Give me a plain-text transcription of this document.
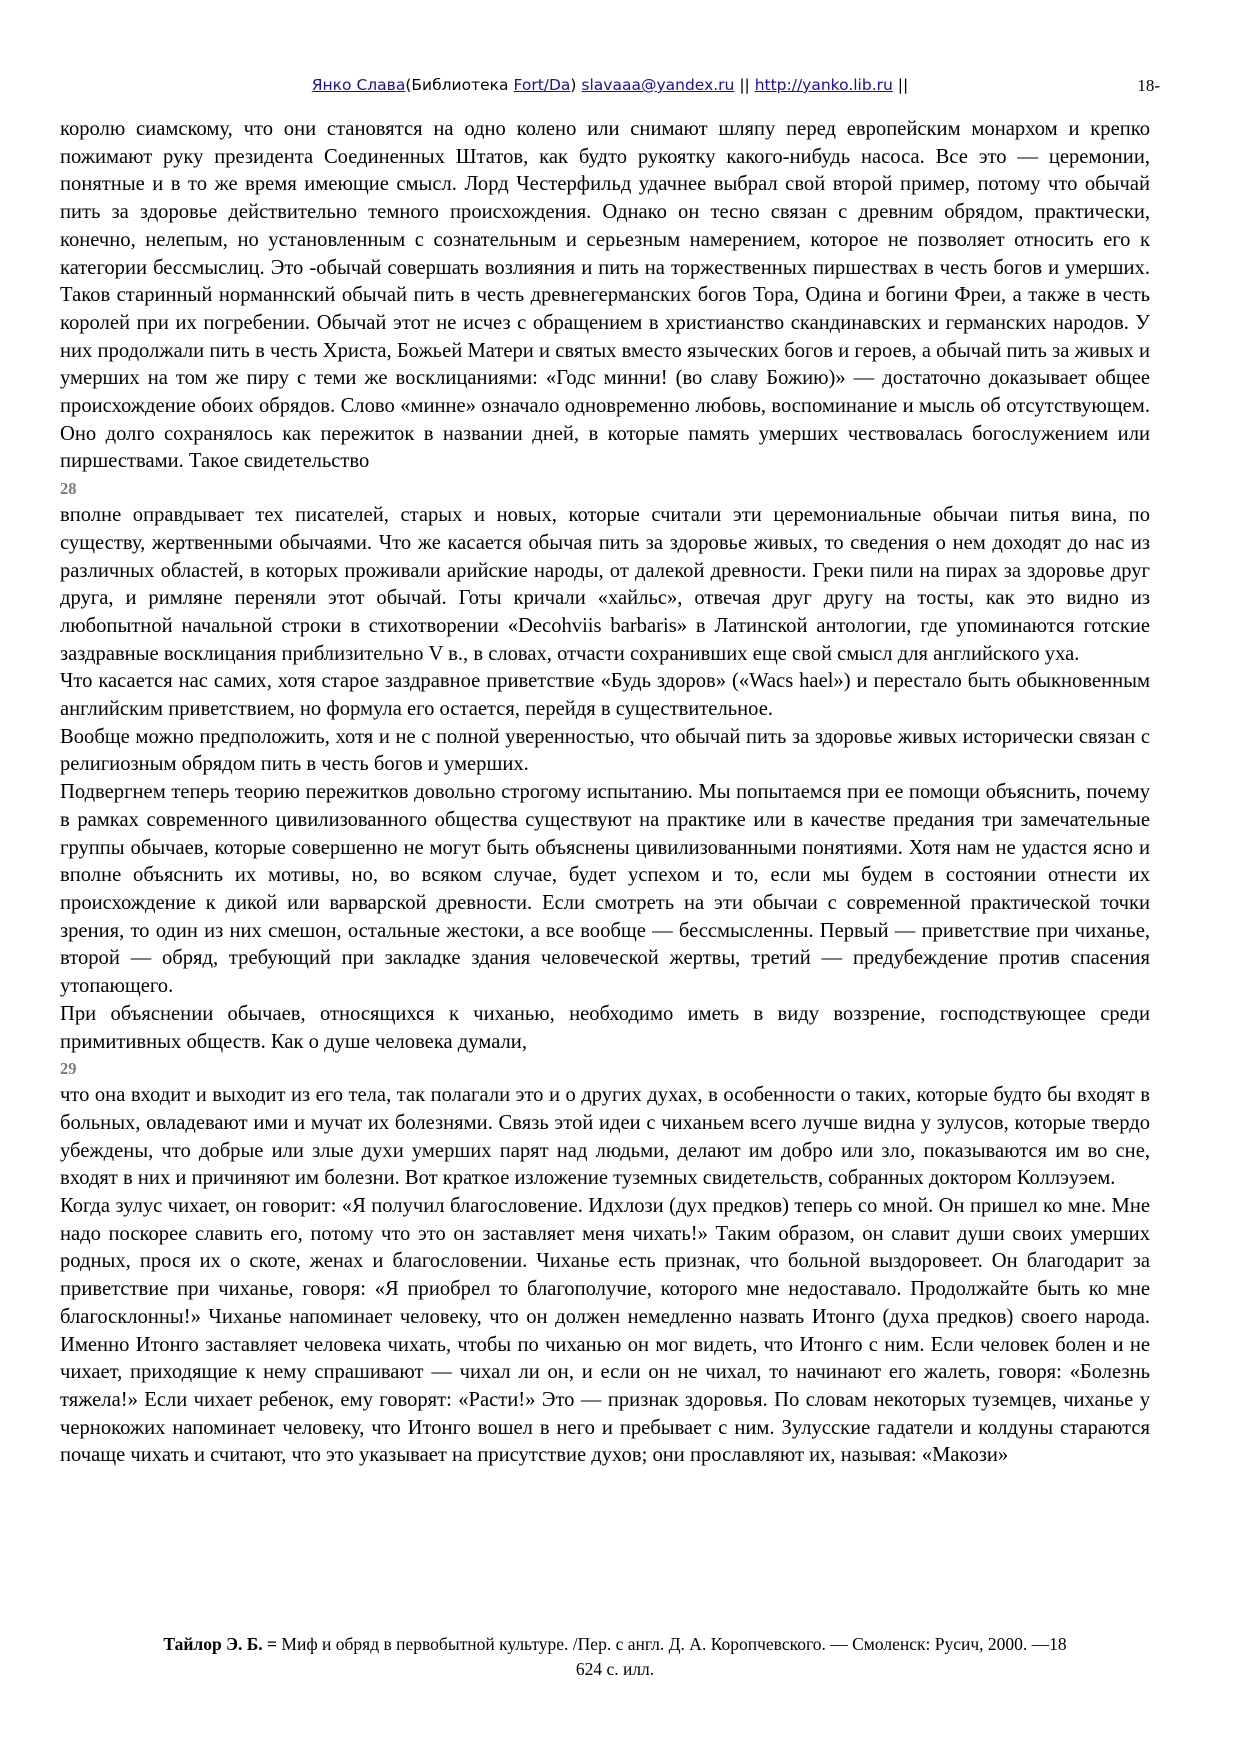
Янко Слава(Библиотека Fort/Da) slavaaa@yandex.ru || http://yanko.lib.ru ||	18-

королю сиамскому, что они становятся на одно колено или снимают шляпу перед европейским монархом и крепко пожимают руку президента Соединенных Штатов, как будто рукоятку какого-нибудь насоса. Все это — церемонии, понятные и в то же время имеющие смысл. Лорд Честерфильд удачнее выбрал свой второй пример, потому что обычай пить за здоровье действительно темного происхождения. Однако он тесно связан с древним обрядом, практически, конечно, нелепым, но установленным с сознательным и серьезным намерением, которое не позволяет относить его к категории бессмыслиц. Это -обычай совершать возлияния и пить на торжественных пиршествах в честь богов и умерших. Таков старинный норманнский обычай пить в честь древнегерманских богов Тора, Одина и богини Фреи, а также в честь королей при их погребении. Обычай этот не исчез с обращением в христианство скандинавских и германских народов. У них продолжали пить в честь Христа, Божьей Матери и святых вместо языческих богов и героев, а обычай пить за живых и умерших на том же пиру с теми же восклицаниями: «Годс минни! (во славу Божию)» — достаточно доказывает общее происхождение обоих обрядов. Слово «минне» означало одновременно любовь, воспоминание и мысль об отсутствующем. Оно долго сохранялось как пережиток в названии дней, в которые память умерших чествовалась богослужением или пиршествами. Такое свидетельство

28

вполне оправдывает тех писателей, старых и новых, которые считали эти церемониальные обычаи питья вина, по существу, жертвенными обычаями. Что же касается обычая пить за здоровье живых, то сведения о нем доходят до нас из различных областей, в которых проживали арийские народы, от далекой древности. Греки пили на пирах за здоровье друг друга, и римляне переняли этот обычай. Готы кричали «хайльс», отвечая друг другу на тосты, как это видно из любопытной начальной строки в стихотворении «Decohviis barbaris» в Латинской антологии, где упоминаются готские заздравные восклицания приблизительно V в., в словах, отчасти сохранивших еще свой смысл для английского уха.

Что касается нас самих, хотя старое заздравное приветствие «Будь здоров» («Wacs hael») и перестало быть обыкновенным английским приветствием, но формула его остается, перейдя в существительное.

Вообще можно предположить, хотя и не с полной уверенностью, что обычай пить за здоровье живых исторически связан с религиозным обрядом пить в честь богов и умерших.

Подвергнем теперь теорию пережитков довольно строгому испытанию. Мы попытаемся при ее помощи объяснить, почему в рамках современного цивилизованного общества существуют на практике или в качестве предания три замечательные группы обычаев, которые совершенно не могут быть объяснены цивилизованными понятиями. Хотя нам не удастся ясно и вполне объяснить их мотивы, но, во всяком случае, будет успехом и то, если мы будем в состоянии отнести их происхождение к дикой или варварской древности. Если смотреть на эти обычаи с современной практической точки зрения, то один из них смешон, остальные жестоки, а все вообще — бессмысленны. Первый — приветствие при чиханье, второй — обряд, требующий при закладке здания человеческой жертвы, третий — предубеждение против спасения утопающего.

При объяснении обычаев, относящихся к чиханью, необходимо иметь в виду воззрение, господствующее среди примитивных обществ. Как о душе человека думали,

29

что она входит и выходит из его тела, так полагали это и о других духах, в особенности о таких, которые будто бы входят в больных, овладевают ими и мучат их болезнями. Связь этой идеи с чиханьем всего лучше видна у зулусов, которые твердо убеждены, что добрые или злые духи умерших парят над людьми, делают им добро или зло, показываются им во сне, входят в них и причиняют им болезни. Вот краткое изложение туземных свидетельств, собранных доктором Коллэуэем.

Когда зулус чихает, он говорит: «Я получил благословение. Идхлози (дух предков) теперь со мной. Он пришел ко мне. Мне надо поскорее славить его, потому что это он заставляет меня чихать!» Таким образом, он славит души своих умерших родных, прося их о скоте, женах и благословении. Чиханье есть признак, что больной выздоровеет. Он благодарит за приветствие при чиханье, говоря: «Я приобрел то благополучие, которого мне недоставало. Продолжайте быть ко мне благосклонны!» Чиханье напоминает человеку, что он должен немедленно назвать Итонго (духа предков) своего народа. Именно Итонго заставляет человека чихать, чтобы по чиханью он мог видеть, что Итонго с ним. Если человек болен и не чихает, приходящие к нему спрашивают — чихал ли он, и если он не чихал, то начинают его жалеть, говоря: «Болезнь тяжела!» Если чихает ребенок, ему говорят: «Расти!» Это — признак здоровья. По словам некоторых туземцев, чиханье у чернокожих напоминает человеку, что Итонго вошел в него и пребывает с ним. Зулусские гадатели и колдуны стараются почаще чихать и считают, что это указывает на присутствие духов; они прославляют их, называя: «Макози»

Тайлор Э. Б. = Миф и обряд в первобытной культуре. /Пер. с англ. Д. А. Коропчевского. — Смоленск: Русич, 2000. —18
624 с. илл.
